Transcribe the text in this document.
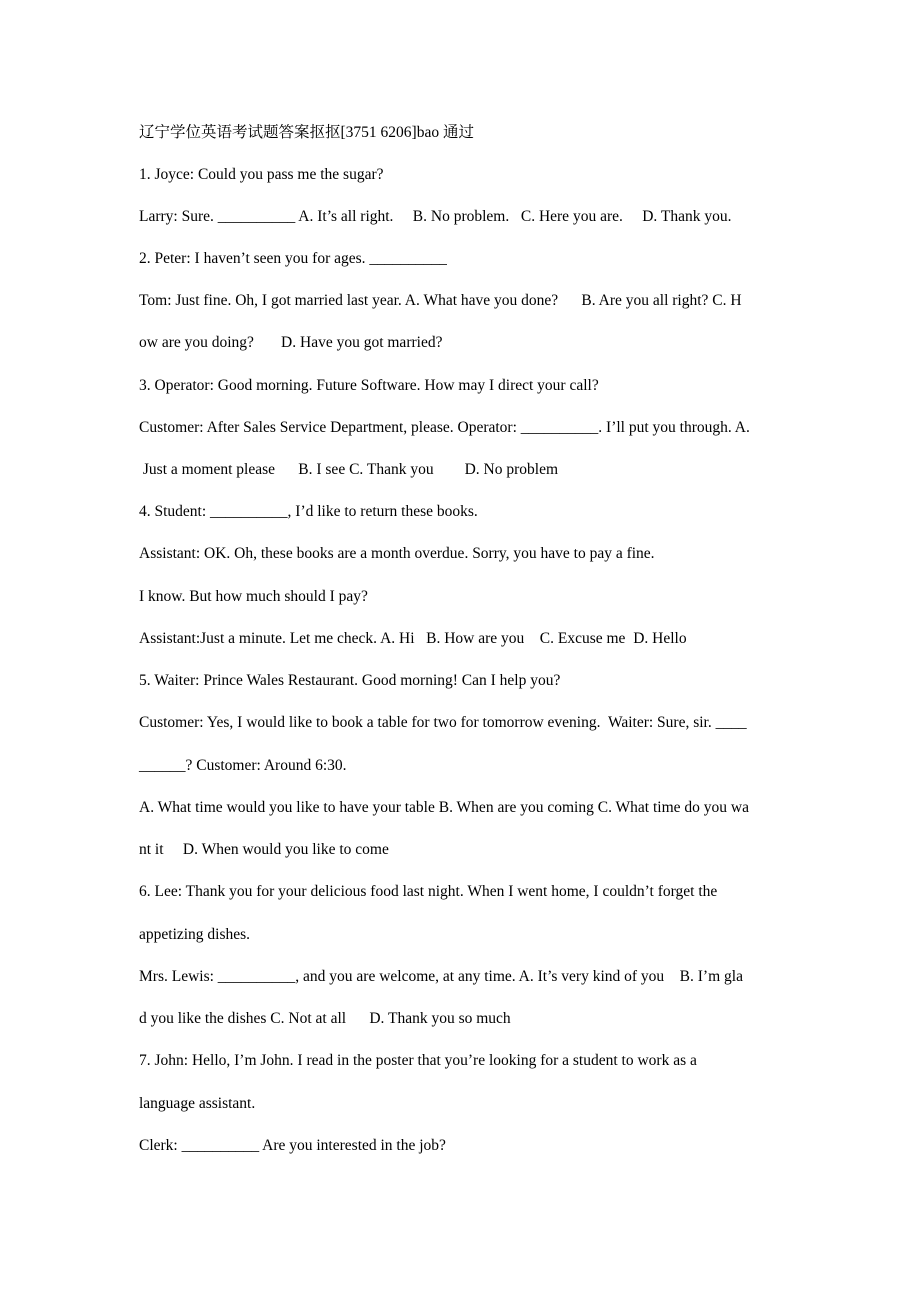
辽宁学位英语考试题答案抠抠[3751 6206]bao 通过
1. Joyce: Could you pass me the sugar?
Larry: Sure. __________ A. It’s all right.     B. No problem.   C. Here you are.     D. Thank you.
2. Peter: I haven’t seen you for ages. __________
Tom: Just fine. Oh, I got married last year. A. What have you done?      B. Are you all right? C. H
ow are you doing?       D. Have you got married?
3. Operator: Good morning. Future Software. How may I direct your call?
Customer: After Sales Service Department, please. Operator: __________. I’ll put you through. A.
Just a moment please      B. I see C. Thank you        D. No problem
4. Student: __________, I’d like to return these books.
Assistant: OK. Oh, these books are a month overdue. Sorry, you have to pay a fine.
I know. But how much should I pay?
Assistant:Just a minute. Let me check. A. Hi   B. How are you    C. Excuse me  D. Hello
5. Waiter: Prince Wales Restaurant. Good morning! Can I help you?
Customer: Yes, I would like to book a table for two for tomorrow evening.  Waiter: Sure, sir. ____
______? Customer: Around 6:30.
A. What time would you like to have your table B. When are you coming C. What time do you wa
nt it     D. When would you like to come
6. Lee: Thank you for your delicious food last night. When I went home, I couldn’t forget the
appetizing dishes.
Mrs. Lewis: __________, and you are welcome, at any time. A. It’s very kind of you    B. I’m gla
d you like the dishes C. Not at all      D. Thank you so much
7. John: Hello, I’m John. I read in the poster that you’re looking for a student to work as a
language assistant.
Clerk: __________ Are you interested in the job?
